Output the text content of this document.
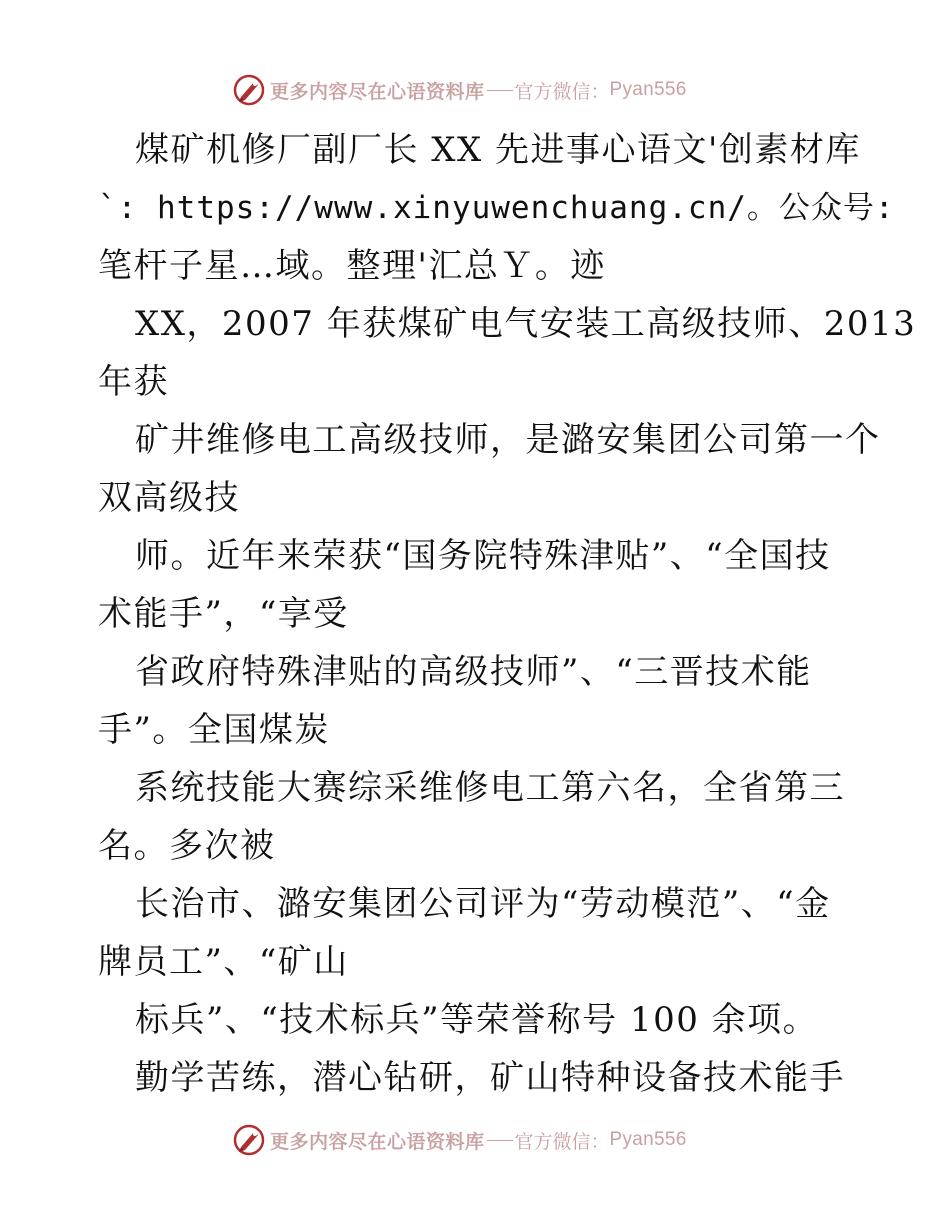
更多内容尽在心语资料库 官方微信： Pyan556
煤矿机修厂副厂长 XX 先进事心语文'创素材库
`: https://www.xinyuwenchuang.cn/。公众号:
笔杆子星…域。整理'汇总Ｙ。迹
XX，2007 年获煤矿电气安装工高级技师、2013
年获
矿井维修电工高级技师，是潞安集团公司第一个
双高级技
师。近年来荣获“国务院特殊津贴”、“全国技
术能手”，“享受
省政府特殊津贴的高级技师”、“三晋技术能
手”。全国煤炭
系统技能大赛综采维修电工第六名，全省第三
名。多次被
长治市、潞安集团公司评为“劳动模范”、“金
牌员工”、“矿山
标兵”、“技术标兵”等荣誉称号 100 余项。
勤学苦练，潜心钻研，矿山特种设备技术能手
更多内容尽在心语资料库 官方微信： Pyan556
